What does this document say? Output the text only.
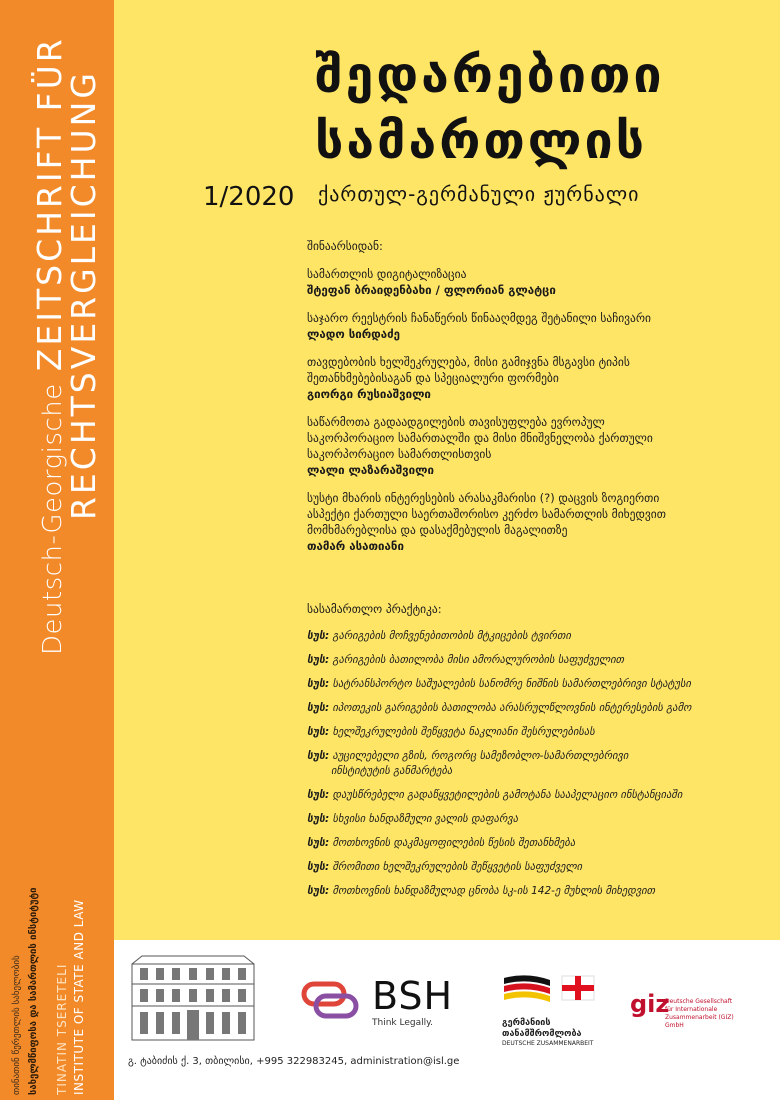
Deutsch-GeorgischeZEITSCHRIFT FÜR
RECHTSVERGLEICHUNG
თინათინ წერეთლის სახელობის სახელმწიფოსა და სამართლის ინსტიტუტი TINATIN TSERETELI INSTITUTE OF STATE AND LAW
შედარებითი
სამართლის
1/2020 ქართულ-გერმანული ჟურნალი
შინაარსიდან:
სამართლის დიგიტალიზაცია
შტეფან ბრაიდენბახი / ფლორიან გლატცი
საჯარო რეესტრის ჩანაწერის წინააღმდეგ შეტანილი საჩივარი
ლადო სირდაძე
თავდებობის ხელშეკრულება, მისი გამიჯვნა მსგავსი ტიპის
შეთანხმებებისაგან და სპეციალური ფორმები
გიორგი რუსიაშვილი
საწარმოთა გადაადგილების თავისუფლება ევროპულ
საკორპორაციო სამართალში და მისი მნიშვნელობა ქართული
საკორპორაციო სამართლისთვის
ლალი ლაზარაშვილი
სუსტი მხარის ინტერესების არასაკმარისი (?) დაცვის ზოგიერთი
ასპექტი ქართული საერთაშორისო კერძო სამართლის მიხედვით
მომხმარებლისა და დასაქმებულის მაგალითზე
თამარ ასათიანი
სასამართლო პრაქტიკა:
სუს: გარიგების მოჩვენებითობის მტკიცების ტვირთი
სუს: გარიგების ბათილობა მისი ამორალურობის საფუძველით
სუს: სატრანსპორტო საშუალების სანომრე ნიშნის სამართლებრივი სტატუსი
სუს: იპოთეკის გარიგების ბათილობა არასრულწლოვნის ინტერესების გამო
სუს: ხელშეკრულების შეწყვეტა ნაკლიანი შესრულებისას
სუს: აუცილებელი გზის, როგორც სამეზობლო-სამართლებრივი
ინსტიტუტის განმარტება
სუს: დაუსწრებელი გადაწყვეტილების გამოტანა სააპელაციო ინსტანციაში
სუს: სხვისი ხანდაზმული ვალის დაფარვა
სუს: მოთხოვნის დაკმაყოფილების წესის შეთანხმება
სუს: შრომითი ხელშეკრულების შეწყვეტის საფუძველი
სუს: მოთხოვნის ხანდაზმულად ცნობა სკ-ის 142-ე მუხლის მიხედვით
გ. ტაბიძის ქ. 3, თბილისი, +995 322983245, administration@isl.ge
BSH
Think Legally.	გერმანიის
თანამშრომლობა
DEUTSCHE ZUSAMMENARBEIT
giz
Deutsche Gesellschaft
für Internationale
Zusammenarbeit (GIZ) GmbH
